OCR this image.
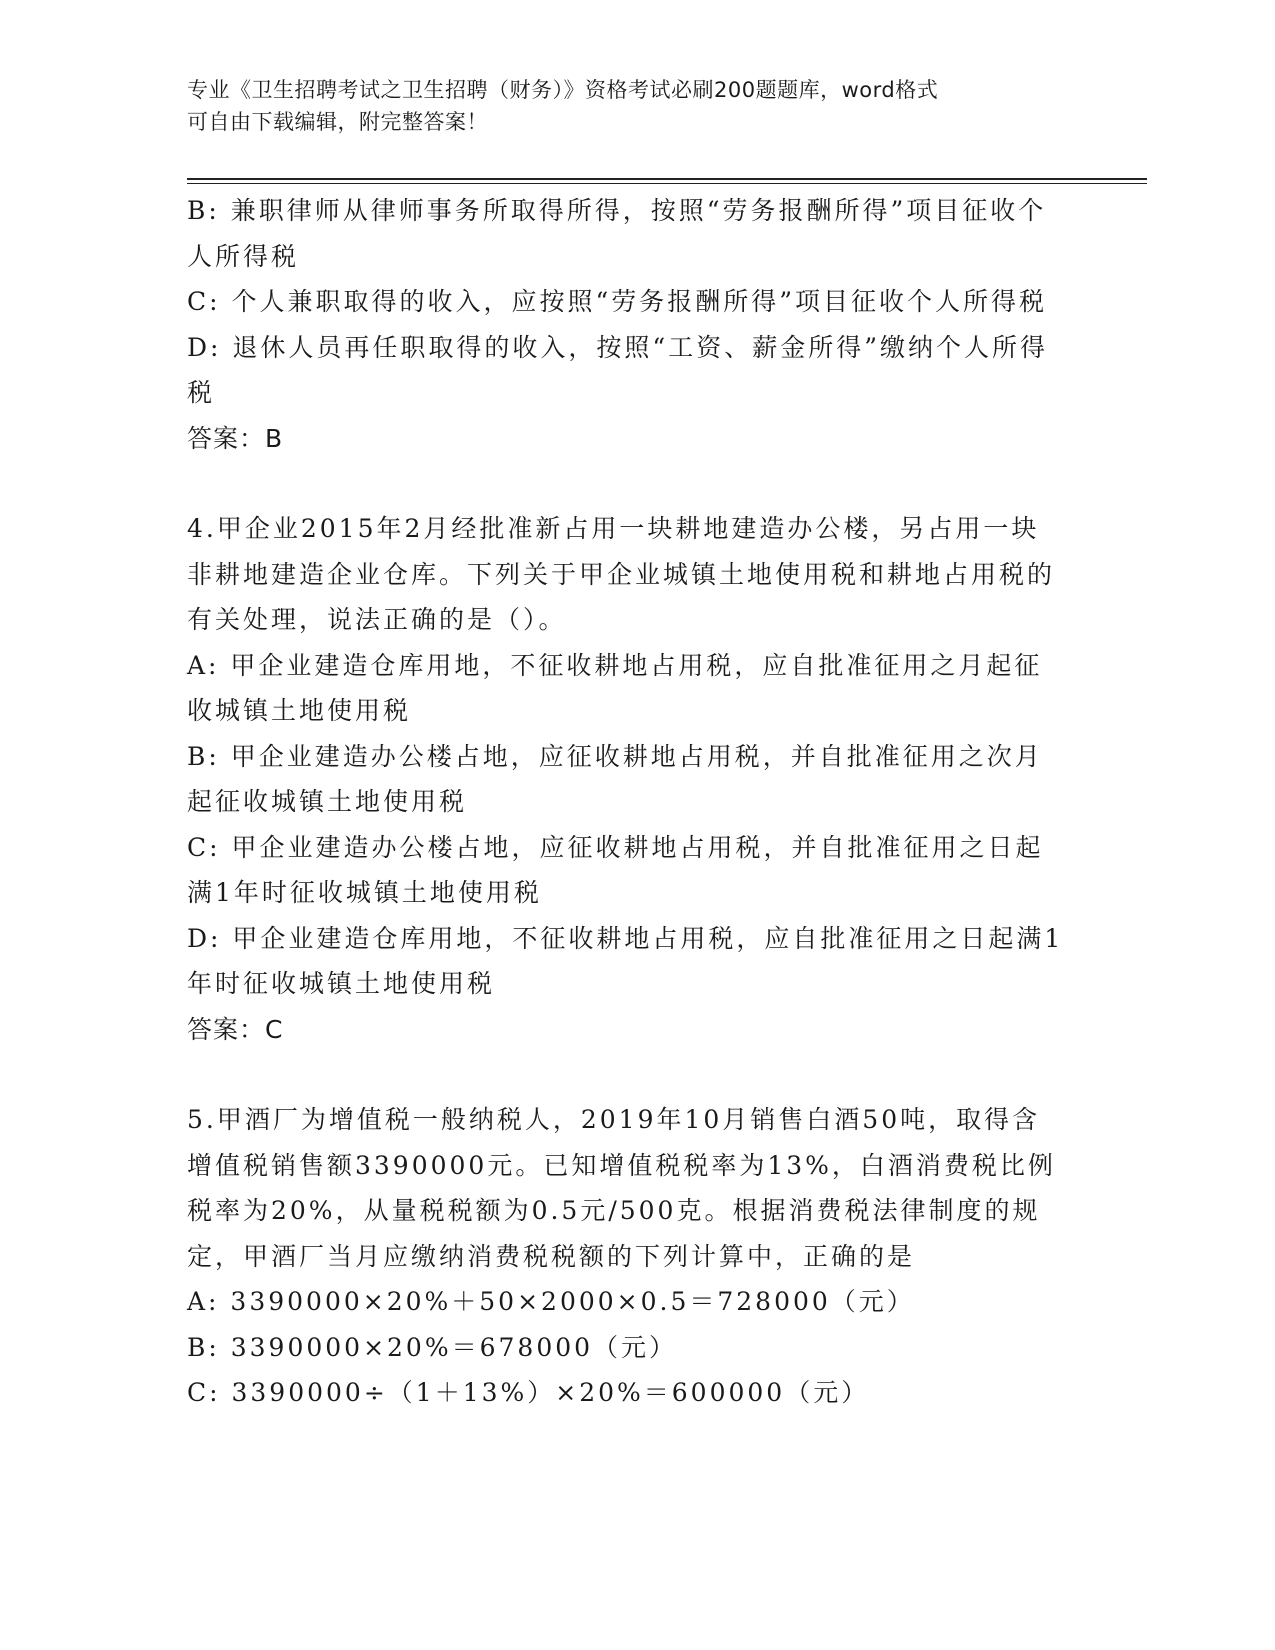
专业《卫生招聘考试之卫生招聘（财务）》资格考试必刷200题题库，word格式
可自由下载编辑，附完整答案！

B: 兼职律师从律师事务所取得所得，按照“劳务报酬所得”项目征收个人所得税

C: 个人兼职取得的收入，应按照“劳务报酬所得”项目征收个人所得税

D: 退休人员再任职取得的收入，按照“工资、薪金所得”缴纳个人所得税

答案：B

4.甲企业2015年2月经批准新占用一块耕地建造办公楼，另占用一块非耕地建造企业仓库。下列关于甲企业城镇土地使用税和耕地占用税的有关处理，说法正确的是（）。

A: 甲企业建造仓库用地，不征收耕地占用税，应自批准征用之月起征收城镇土地使用税

B: 甲企业建造办公楼占地，应征收耕地占用税，并自批准征用之次月起征收城镇土地使用税

C: 甲企业建造办公楼占地，应征收耕地占用税，并自批准征用之日起满1年时征收城镇土地使用税

D: 甲企业建造仓库用地，不征收耕地占用税，应自批准征用之日起满1年时征收城镇土地使用税

答案：C

5.甲酒厂为增值税一般纳税人，2019年10月销售白酒50吨，取得含增值税销售额3390000元。已知增值税税率为13%，白酒消费税比例税率为20%，从量税税额为0.5元/500克。根据消费税法律制度的规定，甲酒厂当月应缴纳消费税税额的下列计算中，正确的是

A: 3390000×20%＋50×2000×0.5＝728000（元）

B: 3390000×20%＝678000（元）

C: 3390000÷（1＋13%）×20%＝600000（元）
